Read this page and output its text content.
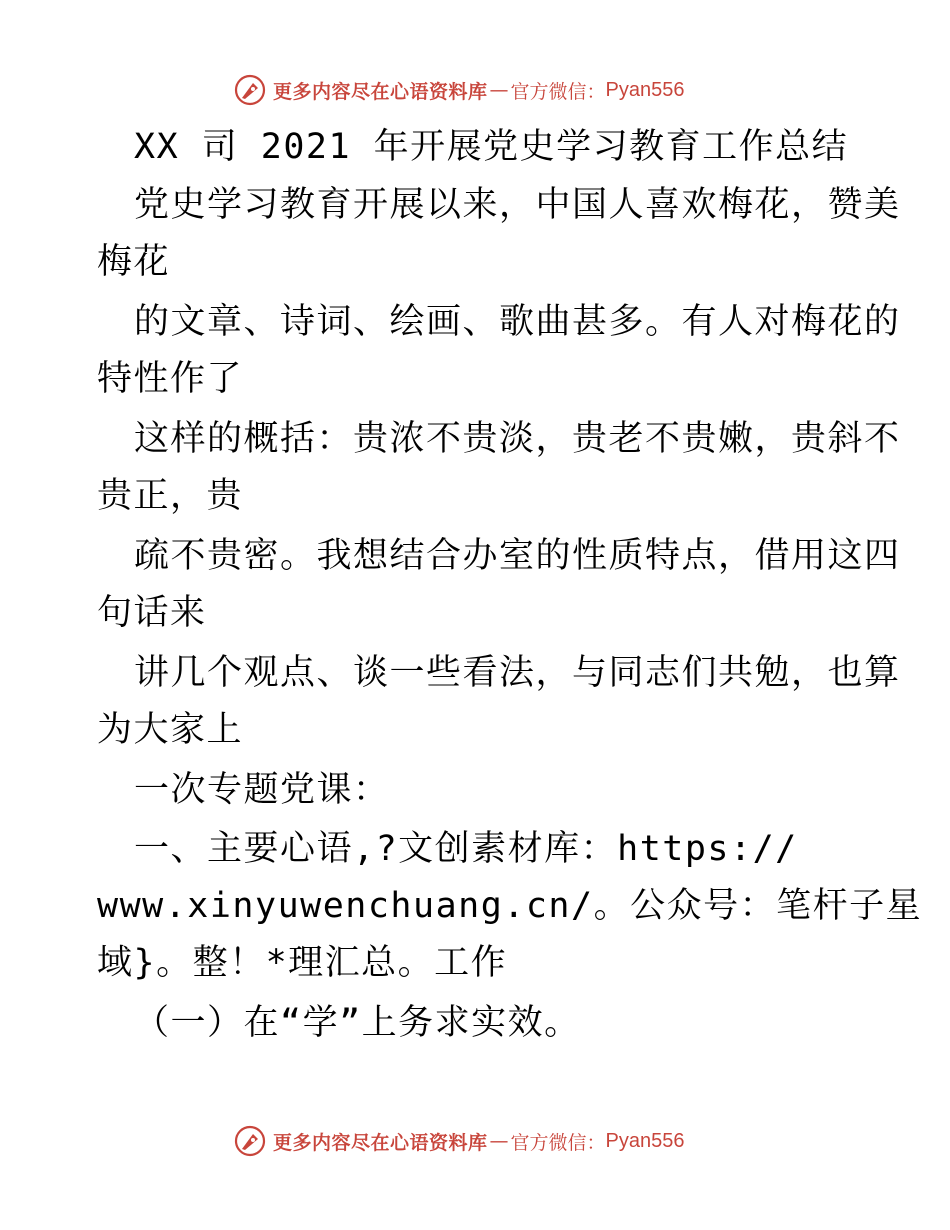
更多内容尽在心语资料库 — 官方微信： Pyan556
XX 司 2021 年开展党史学习教育工作总结
党史学习教育开展以来，中国人喜欢梅花，赞美
梅花
的文章、诗词、绘画、歌曲甚多。有人对梅花的
特性作了
这样的概括：贵浓不贵淡，贵老不贵嫩，贵斜不
贵正，贵
疏不贵密。我想结合办室的性质特点，借用这四
句话来
讲几个观点、谈一些看法，与同志们共勉，也算
为大家上
一次专题党课：
一、主要心语,?文创素材库：https://
www.xinyuwenchuang.cn/。公众号：笔杆子星
域}。整！*理汇总。工作
（一）在“学”上务求实效。
更多内容尽在心语资料库 — 官方微信： Pyan556
